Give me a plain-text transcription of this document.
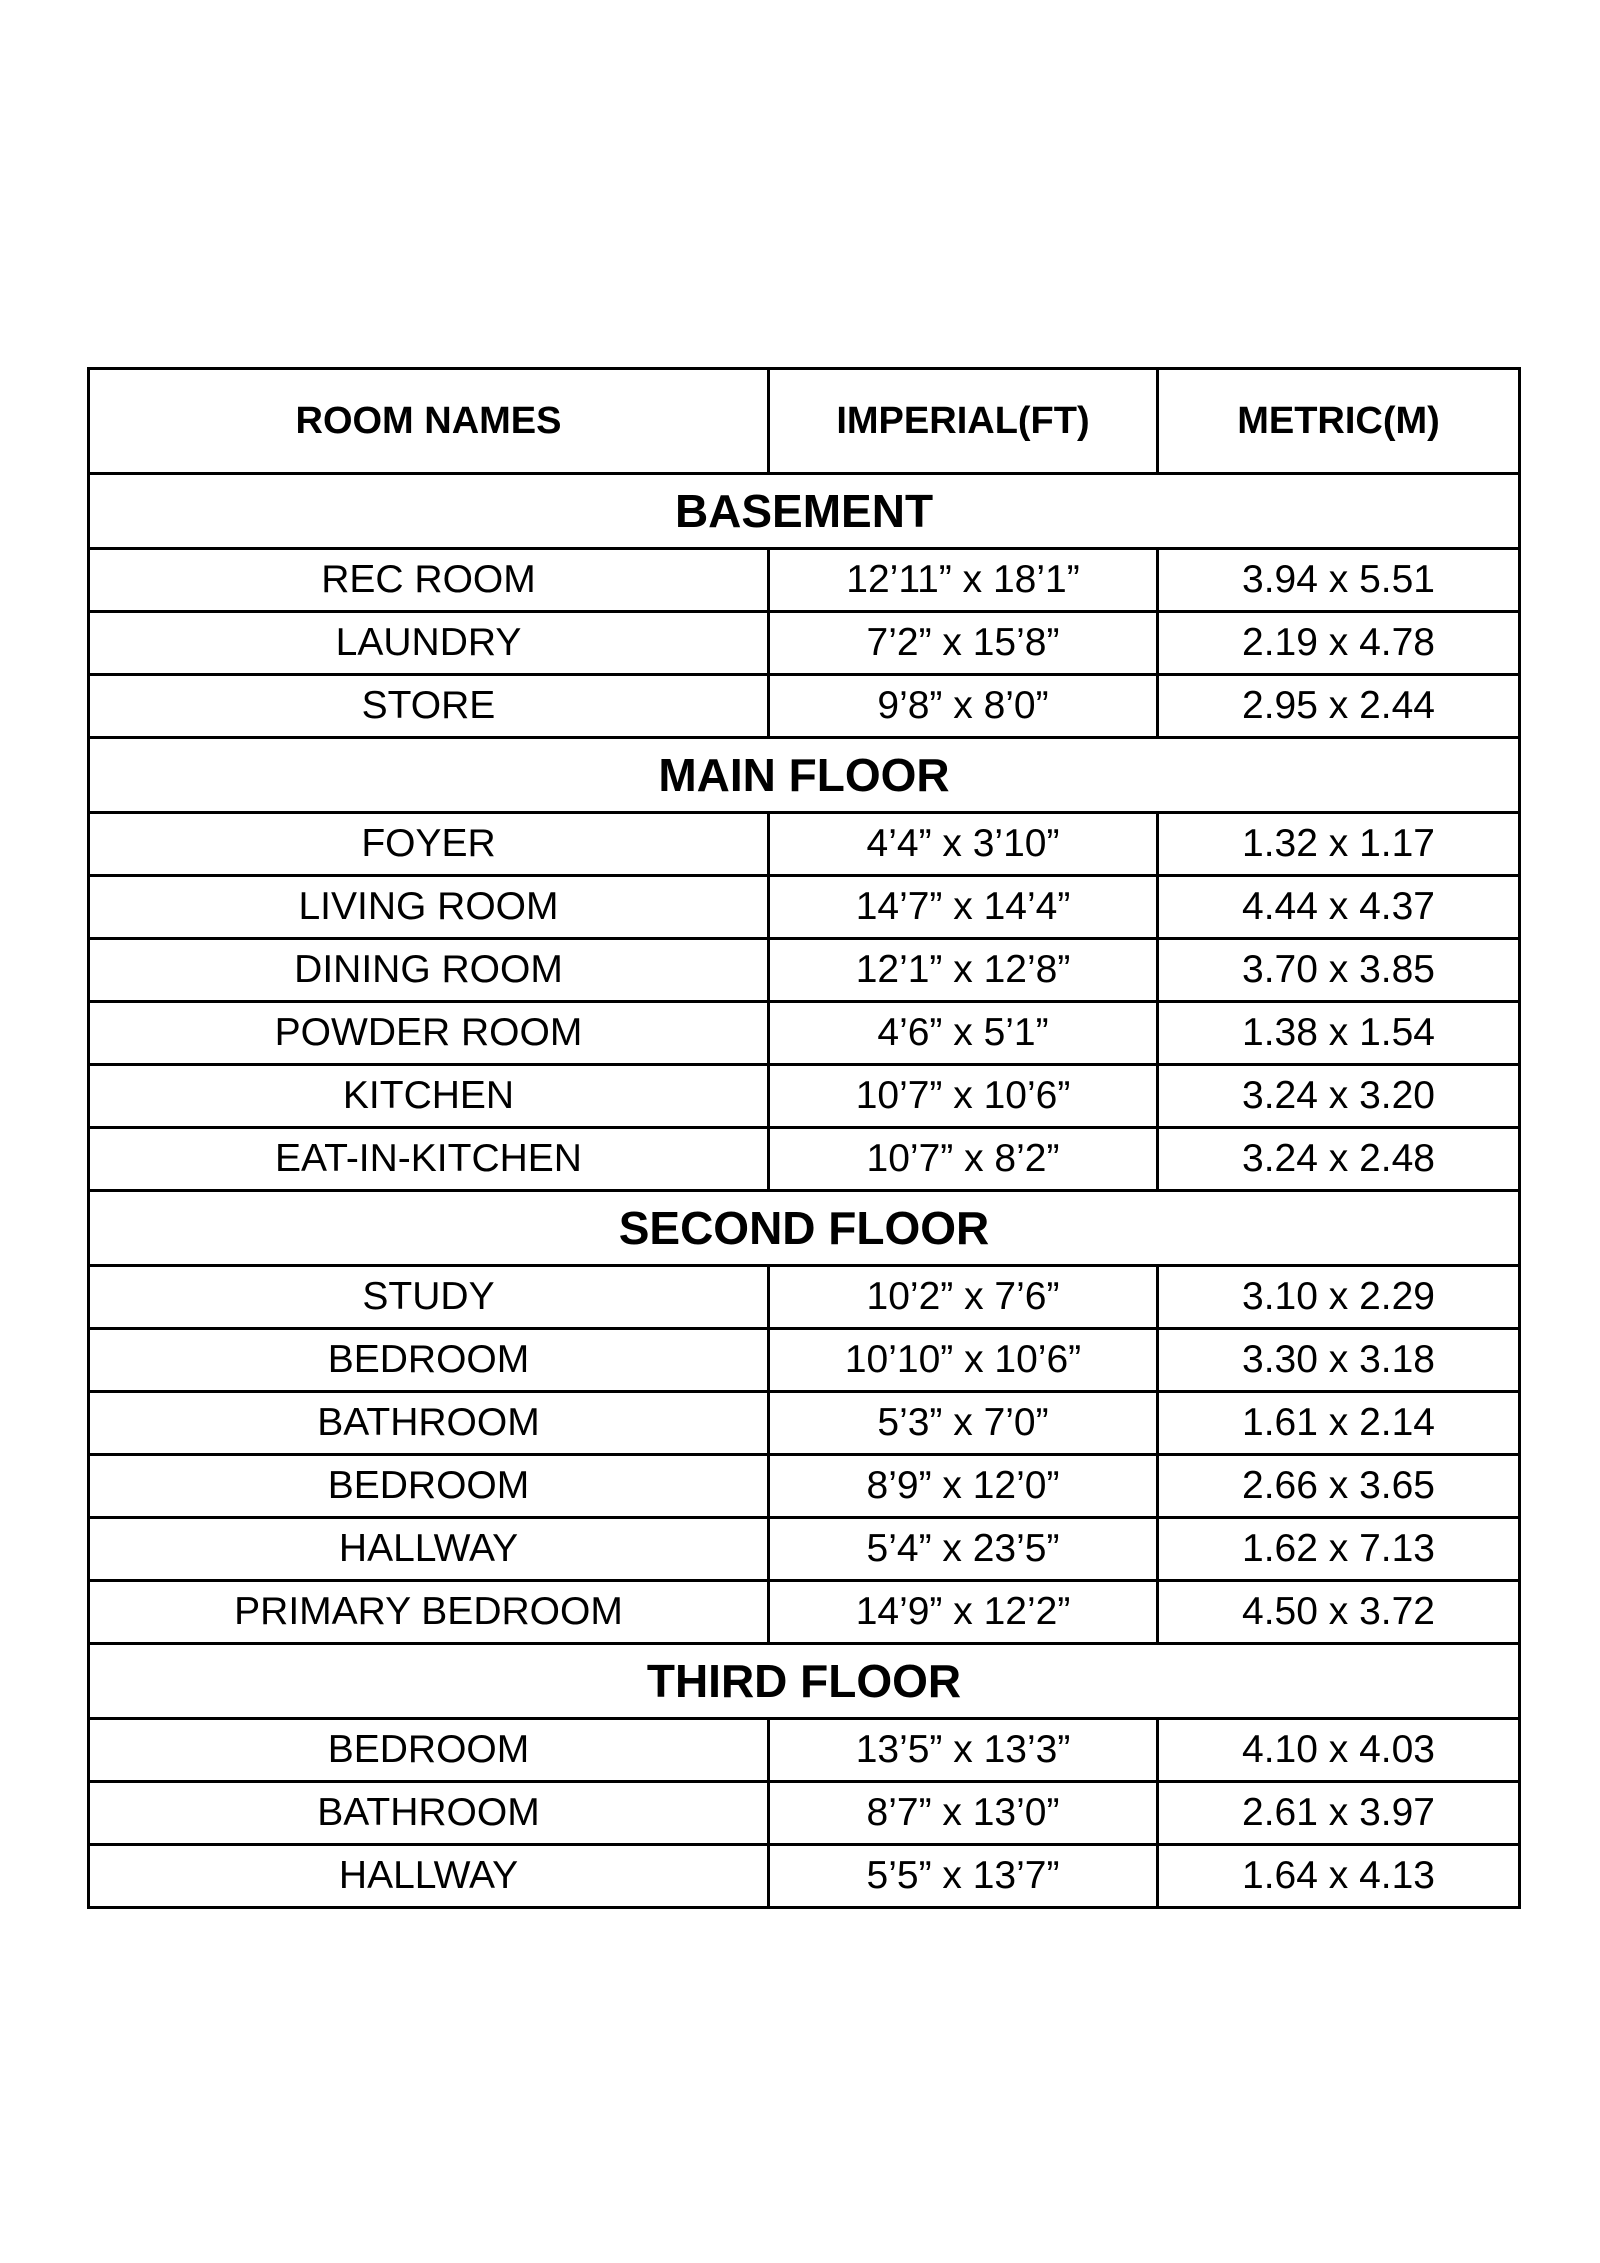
ROOM NAMES	IMPERIAL(FT)	METRIC(M)
BASEMENT		
REC ROOM	12’11” x 18’1”	3.94 x 5.51
LAUNDRY	7’2” x 15’8”	2.19 x 4.78
STORE	9’8” x 8’0”	2.95 x 2.44
MAIN FLOOR		
FOYER	4’4” x 3’10”	1.32 x 1.17
LIVING ROOM	14’7” x 14’4”	4.44 x 4.37
DINING ROOM	12’1” x 12’8”	3.70 x 3.85
POWDER ROOM	4’6” x 5’1”	1.38 x 1.54
KITCHEN	10’7” x 10’6”	3.24 x 3.20
EAT-IN-KITCHEN	10’7” x 8’2”	3.24 x 2.48
SECOND FLOOR		
STUDY	10’2” x 7’6”	3.10 x 2.29
BEDROOM	10’10” x 10’6”	3.30 x 3.18
BATHROOM	5’3” x 7’0”	1.61 x 2.14
BEDROOM	8’9” x 12’0”	2.66 x 3.65
HALLWAY	5’4” x 23’5”	1.62 x 7.13
PRIMARY BEDROOM	14’9” x 12’2”	4.50 x 3.72
THIRD FLOOR		
BEDROOM	13’5” x 13’3”	4.10 x 4.03
BATHROOM	8’7” x 13’0”	2.61 x 3.97
HALLWAY	5’5” x 13’7”	1.64 x 4.13
